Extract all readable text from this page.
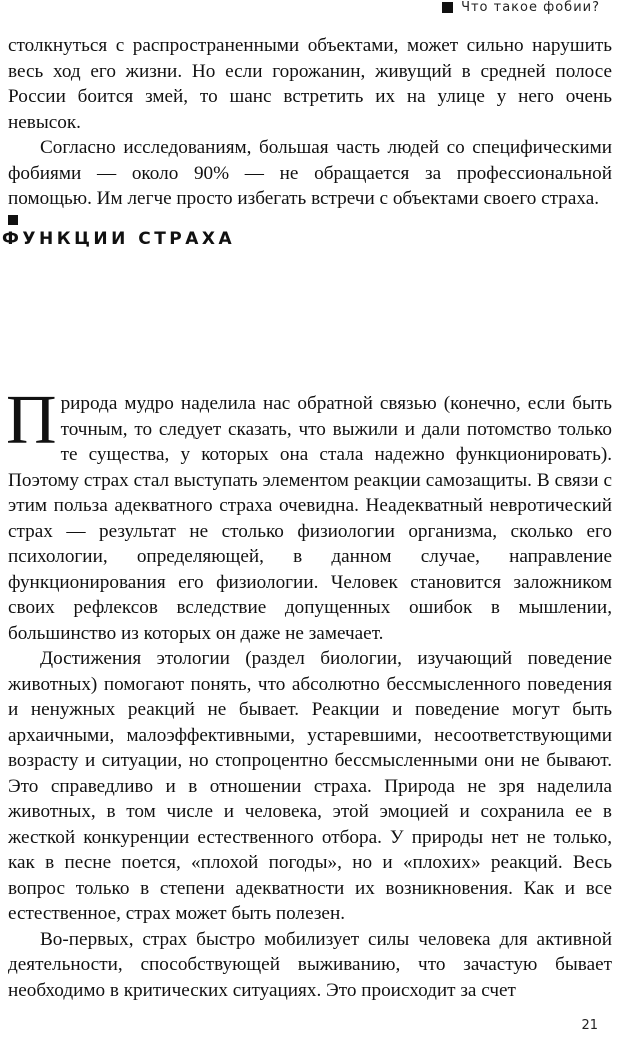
Что такое фобии?

столкнуться с распространенными объектами, может сильно нарушить весь ход его жизни. Но если горожанин, живущий в средней полосе России боится змей, то шанс встретить их на улице у него очень невысок.

Согласно исследованиям, большая часть людей со специфическими фобиями — около 90% — не обращается за профессиональной помощью. Им легче просто избегать встречи с объектами своего страха.

ФУНКЦИИ СТРАХА

Природа мудро наделила нас обратной связью (конечно, если быть точным, то следует сказать, что выжили и дали потомство только те существа, у которых она стала надежно функционировать). Поэтому страх стал выступать элементом реакции самозащиты. В связи с этим польза адекватного страха очевидна. Неадекватный невротический страх — результат не столько физиологии организма, сколько его психологии, определяющей, в данном случае, направление функционирования его физиологии. Человек становится заложником своих рефлексов вследствие допущенных ошибок в мышлении, большинство из которых он даже не замечает.

Достижения этологии (раздел биологии, изучающий поведение животных) помогают понять, что абсолютно бессмысленного поведения и ненужных реакций не бывает. Реакции и поведение могут быть архаичными, малоэффективными, устаревшими, несоответствующими возрасту и ситуации, но стопроцентно бессмысленными они не бывают. Это справедливо и в отношении страха. Природа не зря наделила животных, в том числе и человека, этой эмоцией и сохранила ее в жесткой конкуренции естественного отбора. У природы нет не только, как в песне поется, «плохой погоды», но и «плохих» реакций. Весь вопрос только в степени адекватности их возникновения. Как и все естественное, страх может быть полезен.

Во-первых, страх быстро мобилизует силы человека для активной деятельности, способствующей выживанию, что зачастую бывает необходимо в критических ситуациях. Это происходит за счет

21
